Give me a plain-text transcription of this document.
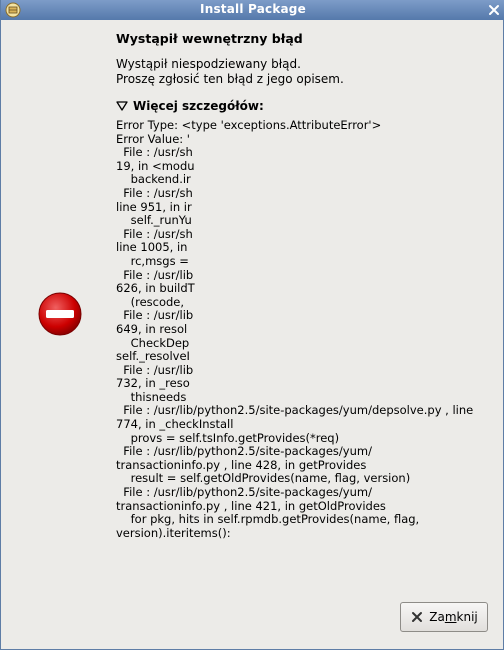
Install Package
Wystąpił wewnętrzny błąd
Wystąpił niespodziewany błąd.
Proszę zgłosić ten błąd z jego opisem.
Więcej szczegółów:
Error Type: <type 'exceptions.AttributeError'>
Error Value: '
File : /usr/sh
19, in <modu
backend.ir
File : /usr/sh
line 951, in ir
self._runYu
File : /usr/sh
line 1005, in
rc,msgs =
File : /usr/lib
626, in buildT
(rescode,
File : /usr/lib
649, in resol
CheckDep
self._resolveI
File : /usr/lib
732, in _reso
thisneeds
File : /usr/lib/python2.5/site-packages/yum/depsolve.py , line
774, in _checkInstall
provs = self.tsInfo.getProvides(*req)
File : /usr/lib/python2.5/site-packages/yum/
transactioninfo.py , line 428, in getProvides
result = self.getOldProvides(name, flag, version)
File : /usr/lib/python2.5/site-packages/yum/
transactioninfo.py , line 421, in getOldProvides
for pkg, hits in self.rpmdb.getProvides(name, flag,
version).iteritems():
Zamknij
